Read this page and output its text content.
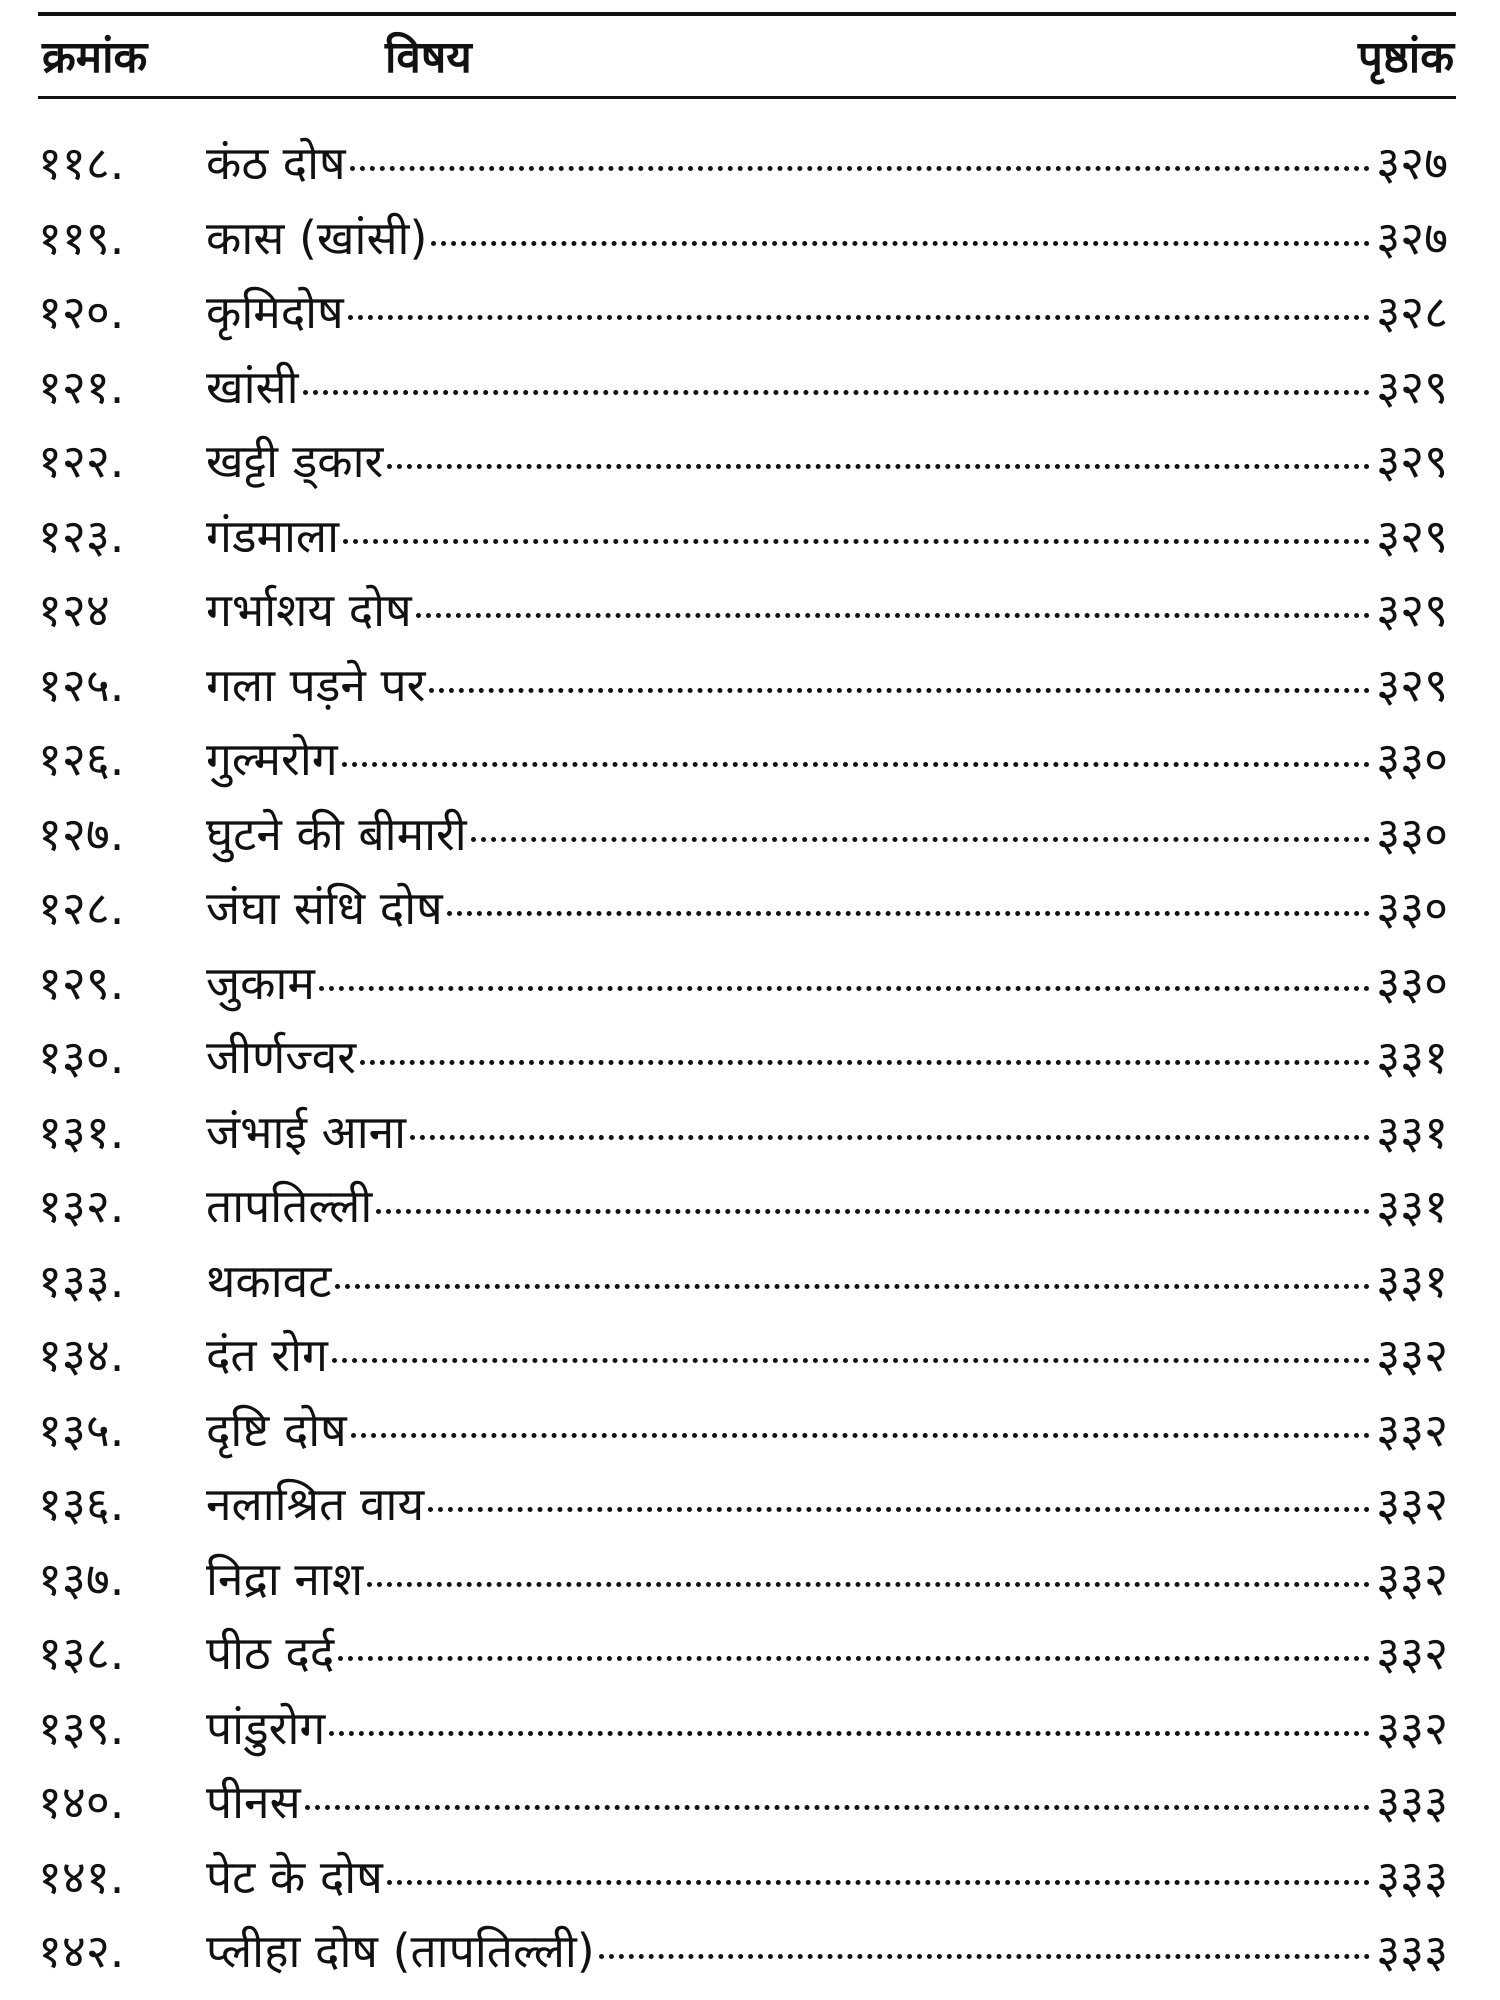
क्रमांक	विषय	पृष्ठांक
११८.	कंठ दोष	३२७
११९.	कास (खांसी)	३२७
१२०.	कृमिदोष	३२८
१२१.	खांसी	३२९
१२२.	खट्टी ड्कार	३२९
१२३.	गंडमाला	३२९
१२४	गर्भाशय दोष	३२९
१२५.	गला पड़ने पर	३२९
१२६.	गुल्मरोग	३३०
१२७.	घुटने की बीमारी	३३०
१२८.	जंघा संधि दोष	३३०
१२९.	जुकाम	३३०
१३०.	जीर्णज्वर	३३१
१३१.	जंभाई आना	३३१
१३२.	तापतिल्ली	३३१
१३३.	थकावट	३३१
१३४.	दंत रोग	३३२
१३५.	दृष्टि दोष	३३२
१३६.	नलाश्रित वाय	३३२
१३७.	निद्रा नाश	३३२
१३८.	पीठ दर्द	३३२
१३९.	पांडुरोग	३३२
१४०.	पीनस	३३३
१४१.	पेट के दोष	३३३
१४२.	प्लीहा दोष (तापतिल्ली)	३३३
